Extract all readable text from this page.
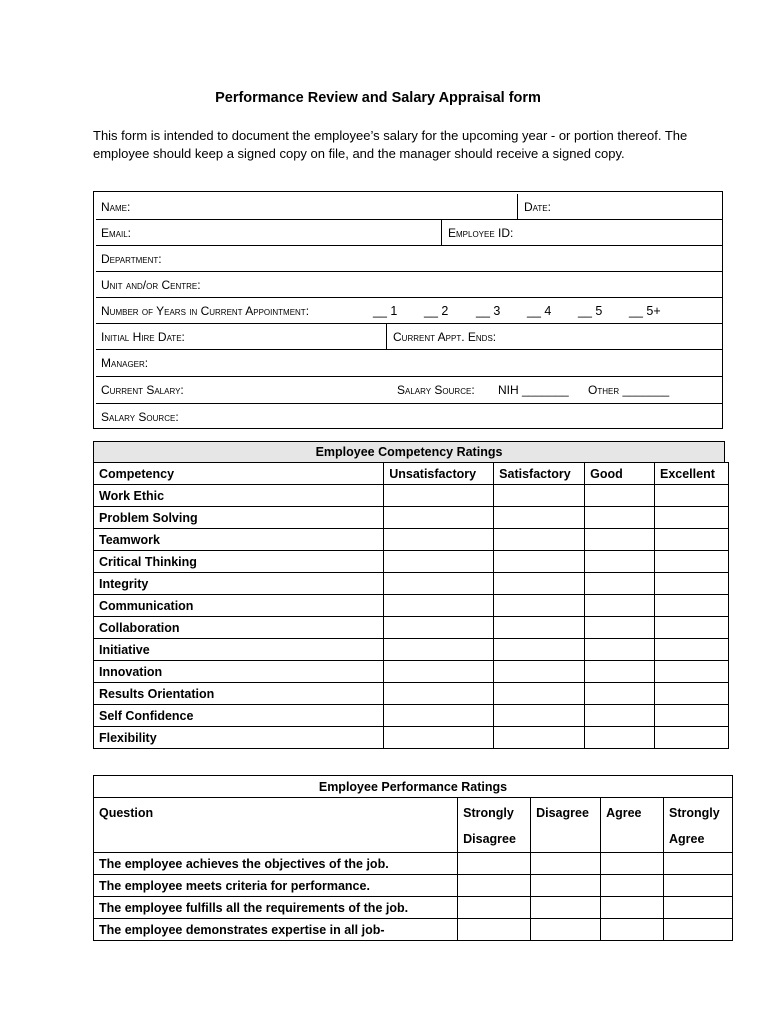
Performance Review and Salary Appraisal form
This form is intended to document the employee’s salary for the upcoming year - or portion thereof. The employee should keep a signed copy on file, and the manager should receive a signed copy.
Name:	Date:
Email:	Employee ID:
Department:
Unit and/or Centre:
Number of Years in Current Appointment:	__ 1	__ 2	__ 3	__ 4	__ 5	__ 5+
Initial Hire Date:	Current Appt. Ends:
Manager:
Current Salary:	Salary Source:	NIH _______	Other _______
Salary Source:
Employee Competency Ratings
Competency	Unsatisfactory	Satisfactory	Good	Excellent
Work Ethic				
Problem Solving				
Teamwork				
Critical Thinking				
Integrity				
Communication				
Collaboration				
Initiative				
Innovation				
Results Orientation				
Self Confidence				
Flexibility				
Employee Performance Ratings
Question	Strongly Disagree	Disagree	Agree	Strongly Agree
The employee achieves the objectives of the job.				
The employee meets criteria for performance.				
The employee fulfills all the requirements of the job.				
The employee demonstrates expertise in all job-				
